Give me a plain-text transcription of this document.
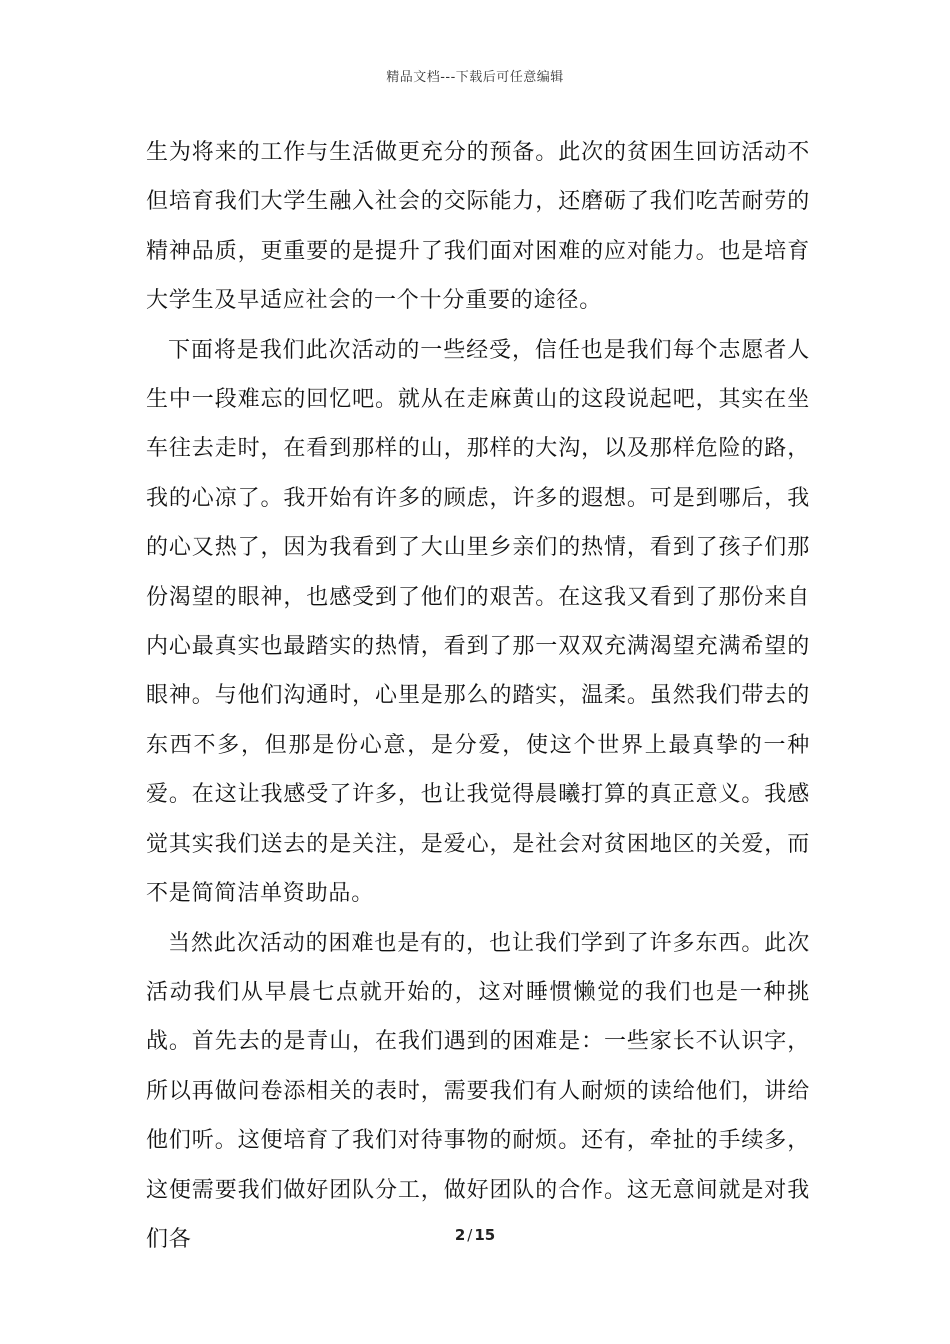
精品文档---下载后可任意编辑

生为将来的工作与生活做更充分的预备。此次的贫困生回访活动不但培育我们大学生融入社会的交际能力，还磨砺了我们吃苦耐劳的精神品质，更重要的是提升了我们面对困难的应对能力。也是培育大学生及早适应社会的一个十分重要的途径。

下面将是我们此次活动的一些经受，信任也是我们每个志愿者人生中一段难忘的回忆吧。就从在走麻黄山的这段说起吧，其实在坐车往去走时，在看到那样的山，那样的大沟，以及那样危险的路，我的心凉了。我开始有许多的顾虑，许多的遐想。可是到哪后，我的心又热了，因为我看到了大山里乡亲们的热情，看到了孩子们那份渴望的眼神，也感受到了他们的艰苦。在这我又看到了那份来自内心最真实也最踏实的热情，看到了那一双双充满渴望充满希望的眼神。与他们沟通时，心里是那么的踏实，温柔。虽然我们带去的东西不多，但那是份心意，是分爱，使这个世界上最真挚的一种爱。在这让我感受了许多，也让我觉得晨曦打算的真正意义。我感觉其实我们送去的是关注，是爱心，是社会对贫困地区的关爱，而不是简简洁单资助品。

当然此次活动的困难也是有的，也让我们学到了许多东西。此次活动我们从早晨七点就开始的，这对睡惯懒觉的我们也是一种挑战。首先去的是青山，在我们遇到的困难是：一些家长不认识字，所以再做问卷添相关的表时，需要我们有人耐烦的读给他们，讲给他们听。这便培育了我们对待事物的耐烦。还有，牵扯的手续多，这便需要我们做好团队分工，做好团队的合作。这无意间就是对我们各	2 / 15
